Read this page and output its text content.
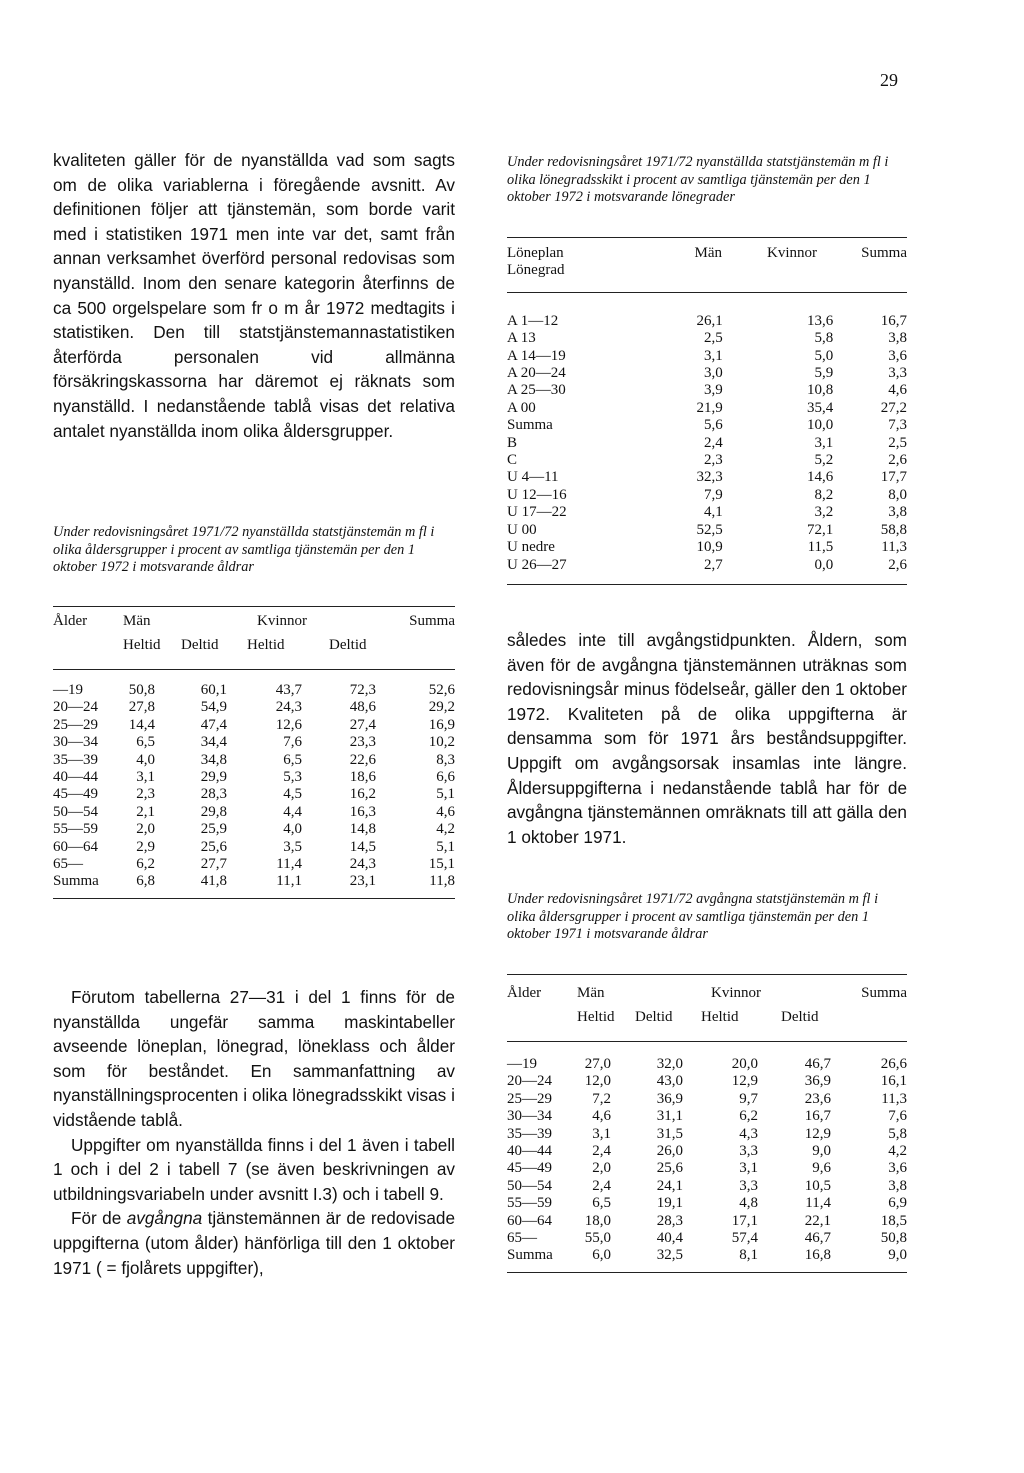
29

kvaliteten gäller för de nyanställda vad som sagts om de olika variablerna i föregående avsnitt. Av definitionen följer att tjänstemän, som borde varit med i statistiken 1971 men inte var det, samt från annan verksamhet överförd personal redovisas som nyanställd. Inom den senare kategorin återfinns de ca 500 orgelspelare som fr o m år 1972 medtagits i statistiken. Den till statstjänstemannastatistiken återförda personalen vid allmänna försäkringskassorna har däremot ej räknats som nyanställd. I nedanstående tablå visas det relativa antalet nyanställda inom olika åldersgrupper.

Under redovisningsåret 1971/72 nyanställda statstjänstemän m fl i olika åldersgrupper i procent av samtliga tjänstemän per den 1 oktober 1972 i motsvarande åldrar

Ålder	Män		Kvinnor		Summa
	Heltid	Deltid	Heltid	Deltid	
—19	50,8	60,1	43,7	72,3	52,6
20—24	27,8	54,9	24,3	48,6	29,2
25—29	14,4	47,4	12,6	27,4	16,9
30—34	6,5	34,4	7,6	23,3	10,2
35—39	4,0	34,8	6,5	22,6	8,3
40—44	3,1	29,9	5,3	18,6	6,6
45—49	2,3	28,3	4,5	16,2	5,1
50—54	2,1	29,8	4,4	16,3	4,6
55—59	2,0	25,9	4,0	14,8	4,2
60—64	2,9	25,6	3,5	14,5	5,1
65—	6,2	27,7	11,4	24,3	15,1
Summa	6,8	41,8	11,1	23,1	11,8

Förutom tabellerna 27—31 i del 1 finns för de nyanställda ungefär samma maskintabeller avseende löneplan, lönegrad, löneklass och ålder som för beståndet. En sammanfattning av nyanställningsprocenten i olika lönegradsskikt visas i vidstående tablå.

Uppgifter om nyanställda finns i del 1 även i tabell 1 och i del 2 i tabell 7 (se även beskrivningen av utbildningsvariabeln under avsnitt I.3) och i tabell 9.

För de avgångna tjänstemännen är de redovisade uppgifterna (utom ålder) hänförliga till den 1 oktober 1971 ( = fjolårets uppgifter),

Under redovisningsåret 1971/72 nyanställda statstjänstemän m fl i olika lönegradsskikt i procent av samtliga tjänstemän per den 1 oktober 1972 i motsvarande lönegrader

Löneplan	Män	Kvinnor	Summa
Lönegrad			
A 1—12	26,1	13,6	16,7
A 13	2,5	5,8	3,8
A 14—19	3,1	5,0	3,6
A 20—24	3,0	5,9	3,3
A 25—30	3,9	10,8	4,6
A 00	21,9	35,4	27,2
Summa	5,6	10,0	7,3
B	2,4	3,1	2,5
C	2,3	5,2	2,6
U 4—11	32,3	14,6	17,7
U 12—16	7,9	8,2	8,0
U 17—22	4,1	3,2	3,8
U 00	52,5	72,1	58,8
U nedre	10,9	11,5	11,3
U 26—27	2,7	0,0	2,6

således inte till avgångstidpunkten. Åldern, som även för de avgångna tjänstemännen uträknas som redovisningsår minus födelseår, gäller den 1 oktober 1972. Kvaliteten på de olika uppgifterna är densamma som för 1971 års beståndsuppgifter. Uppgift om avgångsorsak insamlas inte längre. Åldersuppgifterna i nedanstående tablå har för de avgångna tjänstemännen omräknats till att gälla den 1 oktober 1971.

Under redovisningsåret 1971/72 avgångna statstjänstemän m fl i olika åldersgrupper i procent av samtliga tjänstemän per den 1 oktober 1971 i motsvarande åldrar

Ålder	Män		Kvinnor		Summa
	Heltid	Deltid	Heltid	Deltid	
—19	27,0	32,0	20,0	46,7	26,6
20—24	12,0	43,0	12,9	36,9	16,1
25—29	7,2	36,9	9,7	23,6	11,3
30—34	4,6	31,1	6,2	16,7	7,6
35—39	3,1	31,5	4,3	12,9	5,8
40—44	2,4	26,0	3,3	9,0	4,2
45—49	2,0	25,6	3,1	9,6	3,6
50—54	2,4	24,1	3,3	10,5	3,8
55—59	6,5	19,1	4,8	11,4	6,9
60—64	18,0	28,3	17,1	22,1	18,5
65—	55,0	40,4	57,4	46,7	50,8
Summa	6,0	32,5	8,1	16,8	9,0
